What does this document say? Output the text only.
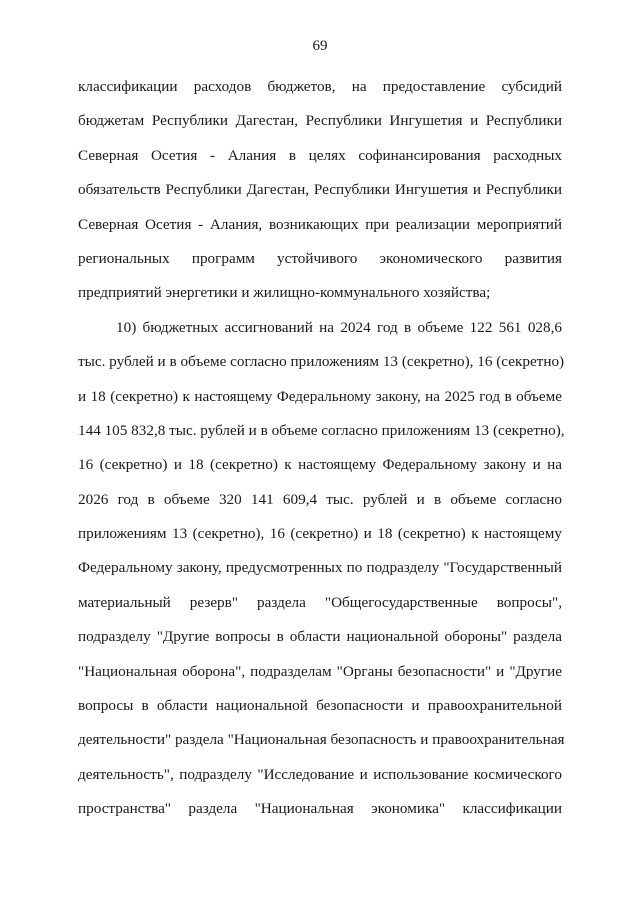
69
классификации расходов бюджетов, на предоставление субсидий
бюджетам Республики Дагестан, Республики Ингушетия и Республики
Северная Осетия - Алания в целях софинансирования расходных
обязательств Республики Дагестан, Республики Ингушетия и Республики
Северная Осетия - Алания, возникающих при реализации мероприятий
региональных программ устойчивого экономического развития
предприятий энергетики и жилищно-коммунального хозяйства;
10) бюджетных ассигнований на 2024 год в объеме 122 561 028,6
тыс. рублей и в объеме согласно приложениям 13 (секретно), 16 (секретно)
и 18 (секретно) к настоящему Федеральному закону, на 2025 год в объеме
144 105 832,8 тыс. рублей и в объеме согласно приложениям 13 (секретно),
16 (секретно) и 18 (секретно) к настоящему Федеральному закону и на
2026 год в объеме 320 141 609,4 тыс. рублей и в объеме согласно
приложениям 13 (секретно), 16 (секретно) и 18 (секретно) к настоящему
Федеральному закону, предусмотренных по подразделу "Государственный
материальный резерв" раздела "Общегосударственные вопросы",
подразделу "Другие вопросы в области национальной обороны" раздела
"Национальная оборона", подразделам "Органы безопасности" и "Другие
вопросы в области национальной безопасности и правоохранительной
деятельности" раздела "Национальная безопасность и правоохранительная
деятельность", подразделу "Исследование и использование космического
пространства" раздела "Национальная экономика" классификации
